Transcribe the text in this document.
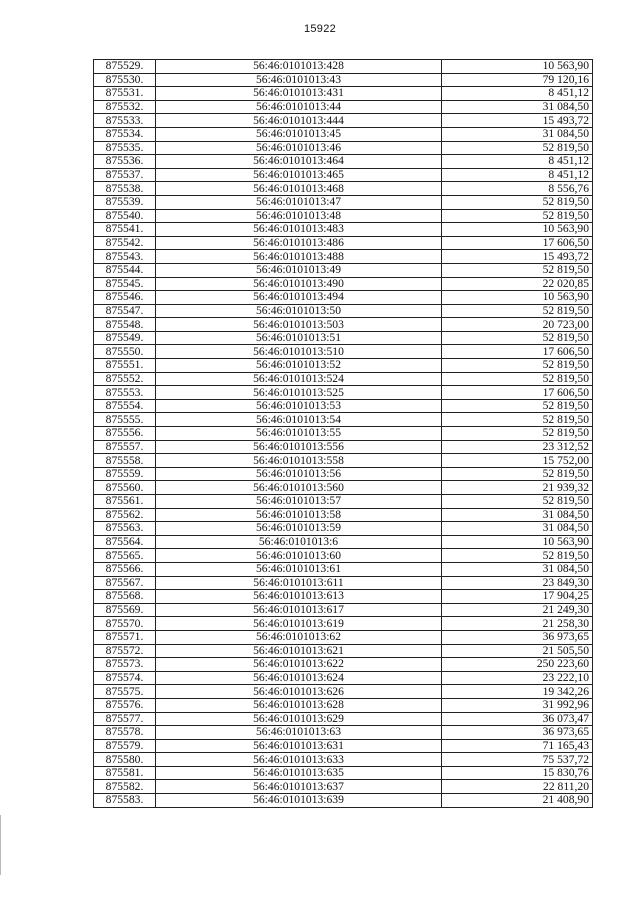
15922
875529.	56:46:0101013:428	10 563,90
875530.	56:46:0101013:43	79 120,16
875531.	56:46:0101013:431	8 451,12
875532.	56:46:0101013:44	31 084,50
875533.	56:46:0101013:444	15 493,72
875534.	56:46:0101013:45	31 084,50
875535.	56:46:0101013:46	52 819,50
875536.	56:46:0101013:464	8 451,12
875537.	56:46:0101013:465	8 451,12
875538.	56:46:0101013:468	8 556,76
875539.	56:46:0101013:47	52 819,50
875540.	56:46:0101013:48	52 819,50
875541.	56:46:0101013:483	10 563,90
875542.	56:46:0101013:486	17 606,50
875543.	56:46:0101013:488	15 493,72
875544.	56:46:0101013:49	52 819,50
875545.	56:46:0101013:490	22 020,85
875546.	56:46:0101013:494	10 563,90
875547.	56:46:0101013:50	52 819,50
875548.	56:46:0101013:503	20 723,00
875549.	56:46:0101013:51	52 819,50
875550.	56:46:0101013:510	17 606,50
875551.	56:46:0101013:52	52 819,50
875552.	56:46:0101013:524	52 819,50
875553.	56:46:0101013:525	17 606,50
875554.	56:46:0101013:53	52 819,50
875555.	56:46:0101013:54	52 819,50
875556.	56:46:0101013:55	52 819,50
875557.	56:46:0101013:556	23 312,52
875558.	56:46:0101013:558	15 752,00
875559.	56:46:0101013:56	52 819,50
875560.	56:46:0101013:560	21 939,32
875561.	56:46:0101013:57	52 819,50
875562.	56:46:0101013:58	31 084,50
875563.	56:46:0101013:59	31 084,50
875564.	56:46:0101013:6	10 563,90
875565.	56:46:0101013:60	52 819,50
875566.	56:46:0101013:61	31 084,50
875567.	56:46:0101013:611	23 849,30
875568.	56:46:0101013:613	17 904,25
875569.	56:46:0101013:617	21 249,30
875570.	56:46:0101013:619	21 258,30
875571.	56:46:0101013:62	36 973,65
875572.	56:46:0101013:621	21 505,50
875573.	56:46:0101013:622	250 223,60
875574.	56:46:0101013:624	23 222,10
875575.	56:46:0101013:626	19 342,26
875576.	56:46:0101013:628	31 992,96
875577.	56:46:0101013:629	36 073,47
875578.	56:46:0101013:63	36 973,65
875579.	56:46:0101013:631	71 165,43
875580.	56:46:0101013:633	75 537,72
875581.	56:46:0101013:635	15 830,76
875582.	56:46:0101013:637	22 811,20
875583.	56:46:0101013:639	21 408,90
